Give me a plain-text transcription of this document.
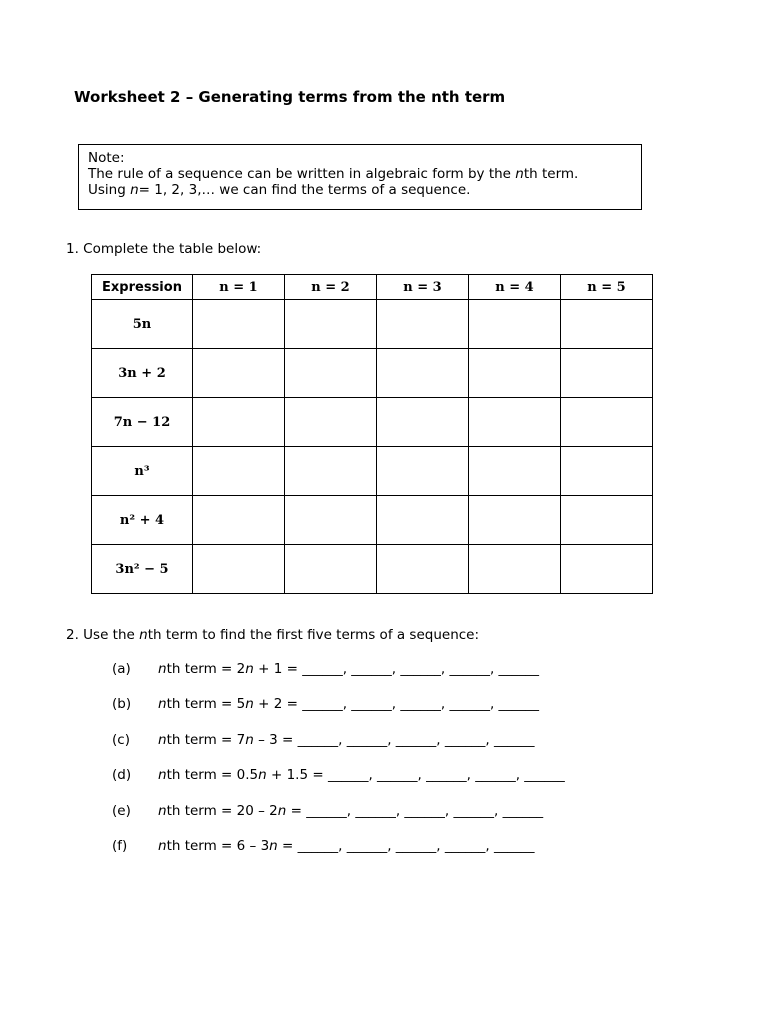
Worksheet 2 – Generating terms from the nth term
Note:
The rule of a sequence can be written in algebraic form by the nth term.
Using n= 1, 2, 3,… we can find the terms of a sequence.
1. Complete the table below:
Expression	n = 1	n = 2	n = 3	n = 4	n = 5
5n					
3n + 2					
7n − 12					
n³					
n² + 4					
3n² − 5					
2. Use the nth term to find the first five terms of a sequence:
(a) nth term = 2n + 1 = ______, ______, ______, ______, ______
(b) nth term = 5n + 2 = ______, ______, ______, ______, ______
(c) nth term = 7n – 3 = ______, ______, ______, ______, ______
(d) nth term = 0.5n + 1.5 = ______, ______, ______, ______, ______
(e) nth term = 20 – 2n = ______, ______, ______, ______, ______
(f) nth term = 6 – 3n = ______, ______, ______, ______, ______
